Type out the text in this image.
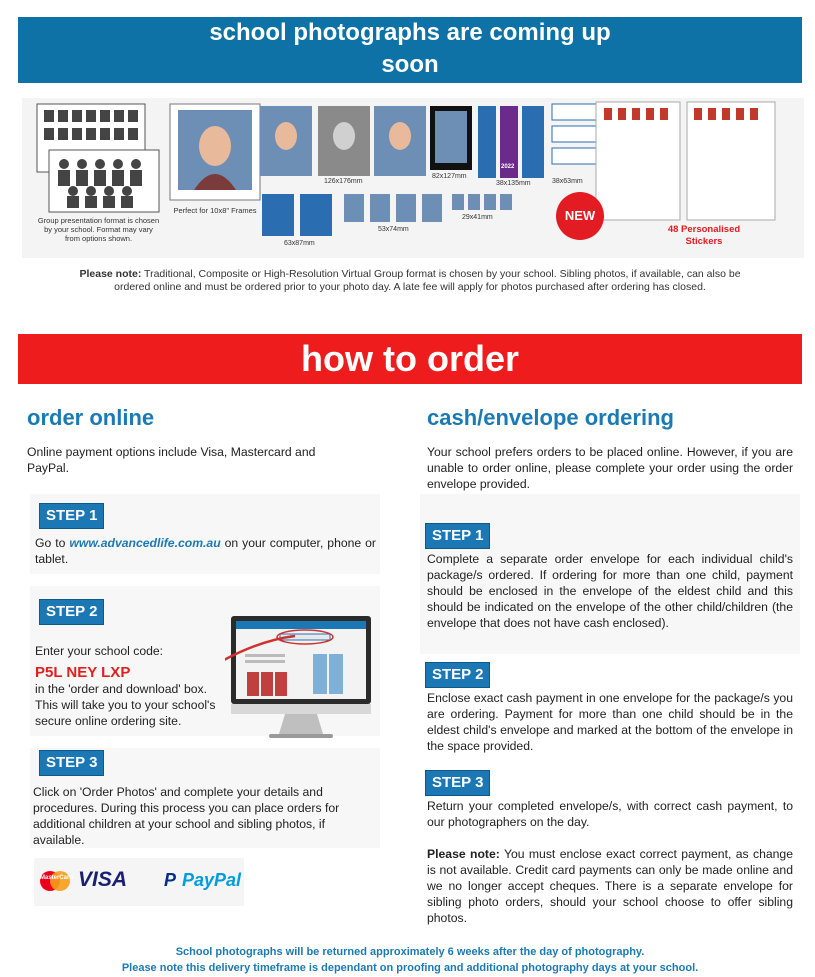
school photographs are coming up
soon
Group presentation format is chosen by your school. Format may vary from options shown.
Perfect for 10x8" Frames
126x176mm
82x127mm
38x135mm	38x63mm
63x87mm
53x74mm
29x41mm
2022
NEW
48 Personalised
Stickers

Please note: Traditional, Composite or High-Resolution Virtual Group format is chosen by your school. Sibling photos, if available, can also be ordered online and must be ordered prior to your photo day. A late fee will apply for photos purchased after ordering has closed.

how to order
order online

Online payment options include Visa, Mastercard and PayPal.

STEP 1

Go to www.advancedlife.com.au on your computer, phone or tablet.

STEP 2

Enter your school code:

P5L NEY LXP

in the 'order and download' box. This will take you to your school's secure online ordering site.

STEP 3

Click on 'Order Photos' and complete your details and procedures. During this process you can place orders for additional children at your school and sibling photos, if available.

MasterCard VISA P PayPal
cash/envelope ordering

Your school prefers orders to be placed online. However, if you are unable to order online, please complete your order using the order envelope provided.

STEP 1

Complete a separate order envelope for each individual child's package/s ordered. If ordering for more than one child, payment should be enclosed in the envelope of the eldest child and this should be indicated on the envelope of the other child/children (the envelope that does not have cash enclosed).

STEP 2

Enclose exact cash payment in one envelope for the package/s you are ordering. Payment for more than one child should be in the eldest child's envelope and marked at the bottom of the envelope in the space provided.

STEP 3

Return your completed envelope/s, with correct cash payment, to our photographers on the day.

Please note: You must enclose exact correct payment, as change is not available. Credit card payments can only be made online and we no longer accept cheques. There is a separate envelope for sibling photo orders, should your school choose to offer sibling photos.

School photographs will be returned approximately 6 weeks after the day of photography.
Please note this delivery timeframe is dependant on proofing and additional photography days at your school.
